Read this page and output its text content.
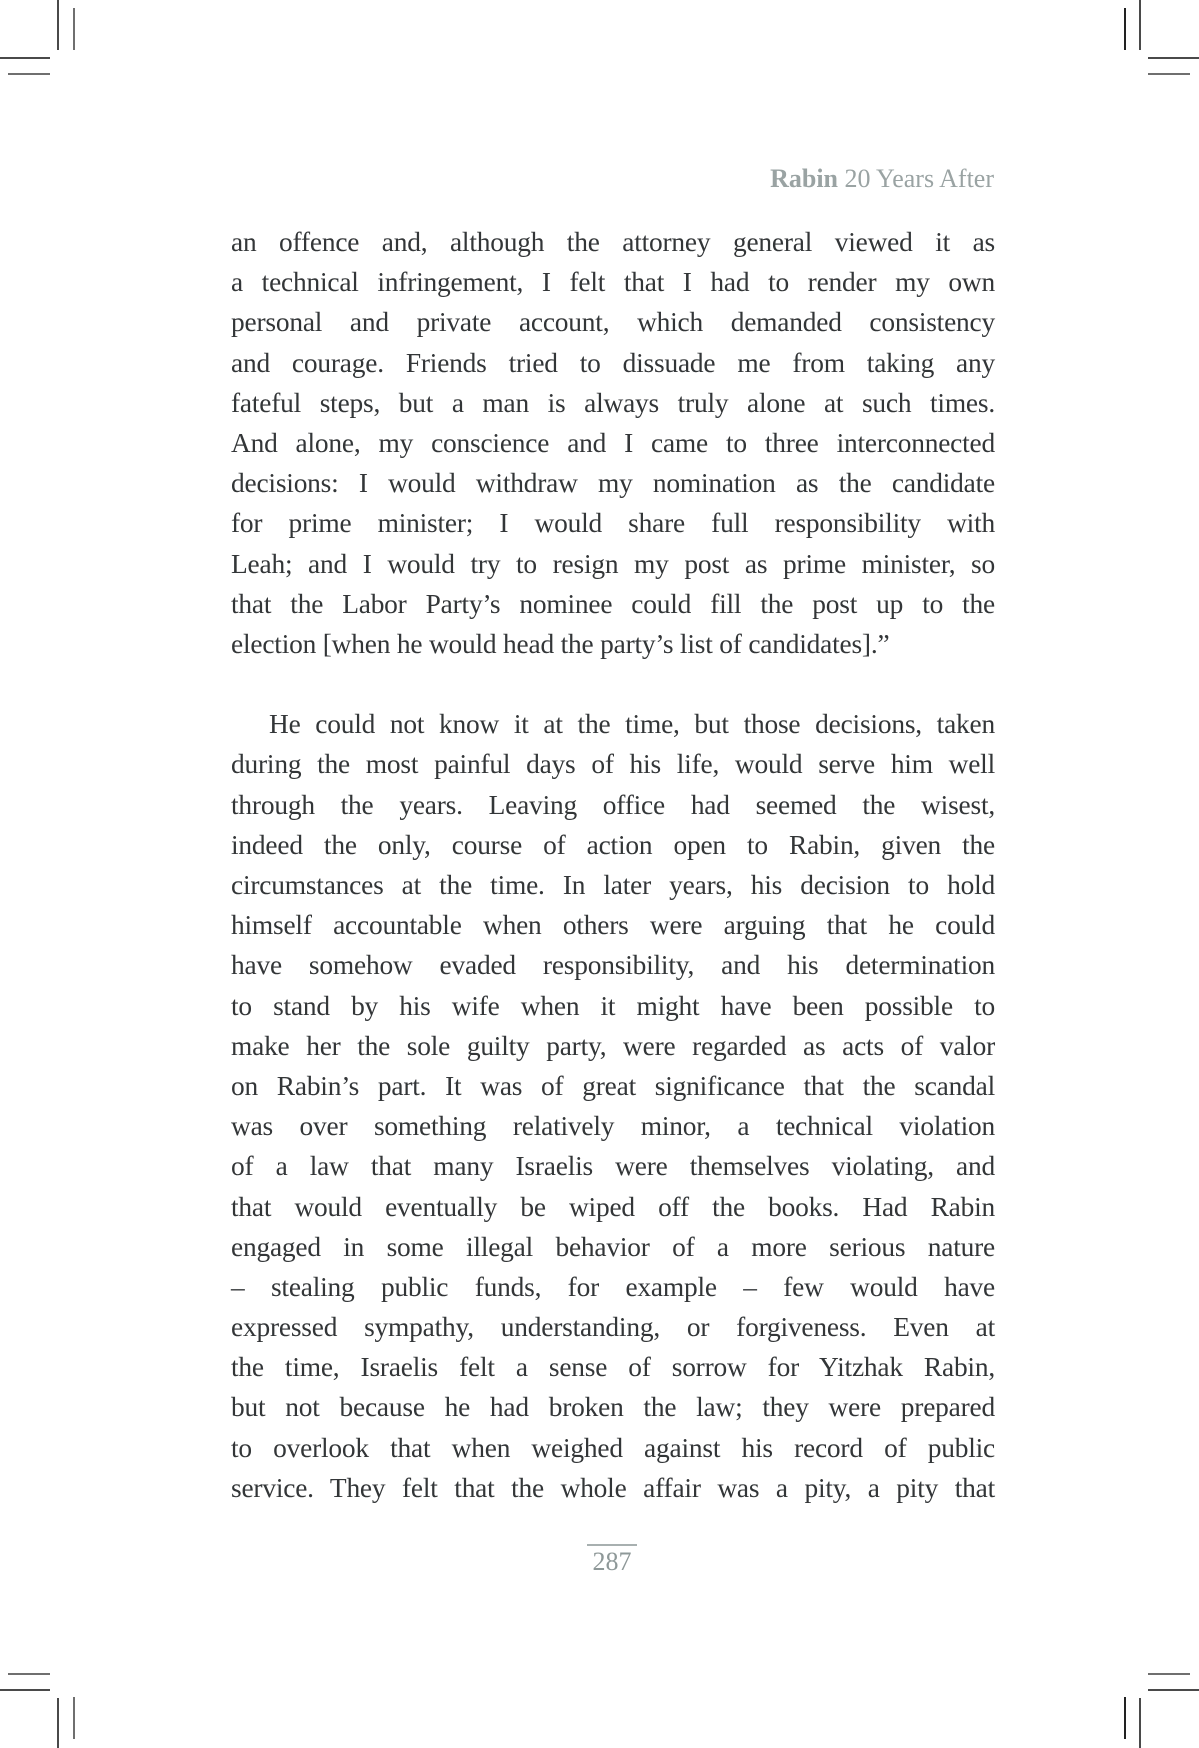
Rabin 20 Years After
an offence and, although the attorney general viewed it as
a technical infringement, I felt that I had to render my own
personal and private account, which demanded consistency
and courage. Friends tried to dissuade me from taking any
fateful steps, but a man is always truly alone at such times.
And alone, my conscience and I came to three interconnected
decisions: I would withdraw my nomination as the candidate
for prime minister; I would share full responsibility with
Leah; and I would try to resign my post as prime minister, so
that the Labor Party’s nominee could fill the post up to the
election [when he would head the party’s list of candidates].”
He could not know it at the time, but those decisions, taken
during the most painful days of his life, would serve him well
through the years. Leaving office had seemed the wisest,
indeed the only, course of action open to Rabin, given the
circumstances at the time. In later years, his decision to hold
himself accountable when others were arguing that he could
have somehow evaded responsibility, and his determination
to stand by his wife when it might have been possible to
make her the sole guilty party, were regarded as acts of valor
on Rabin’s part. It was of great significance that the scandal
was over something relatively minor, a technical violation
of a law that many Israelis were themselves violating, and
that would eventually be wiped off the books. Had Rabin
engaged in some illegal behavior of a more serious nature
– stealing public funds, for example – few would have
expressed sympathy, understanding, or forgiveness. Even at
the time, Israelis felt a sense of sorrow for Yitzhak Rabin,
but not because he had broken the law; they were prepared
to overlook that when weighed against his record of public
service. They felt that the whole affair was a pity, a pity that
287
